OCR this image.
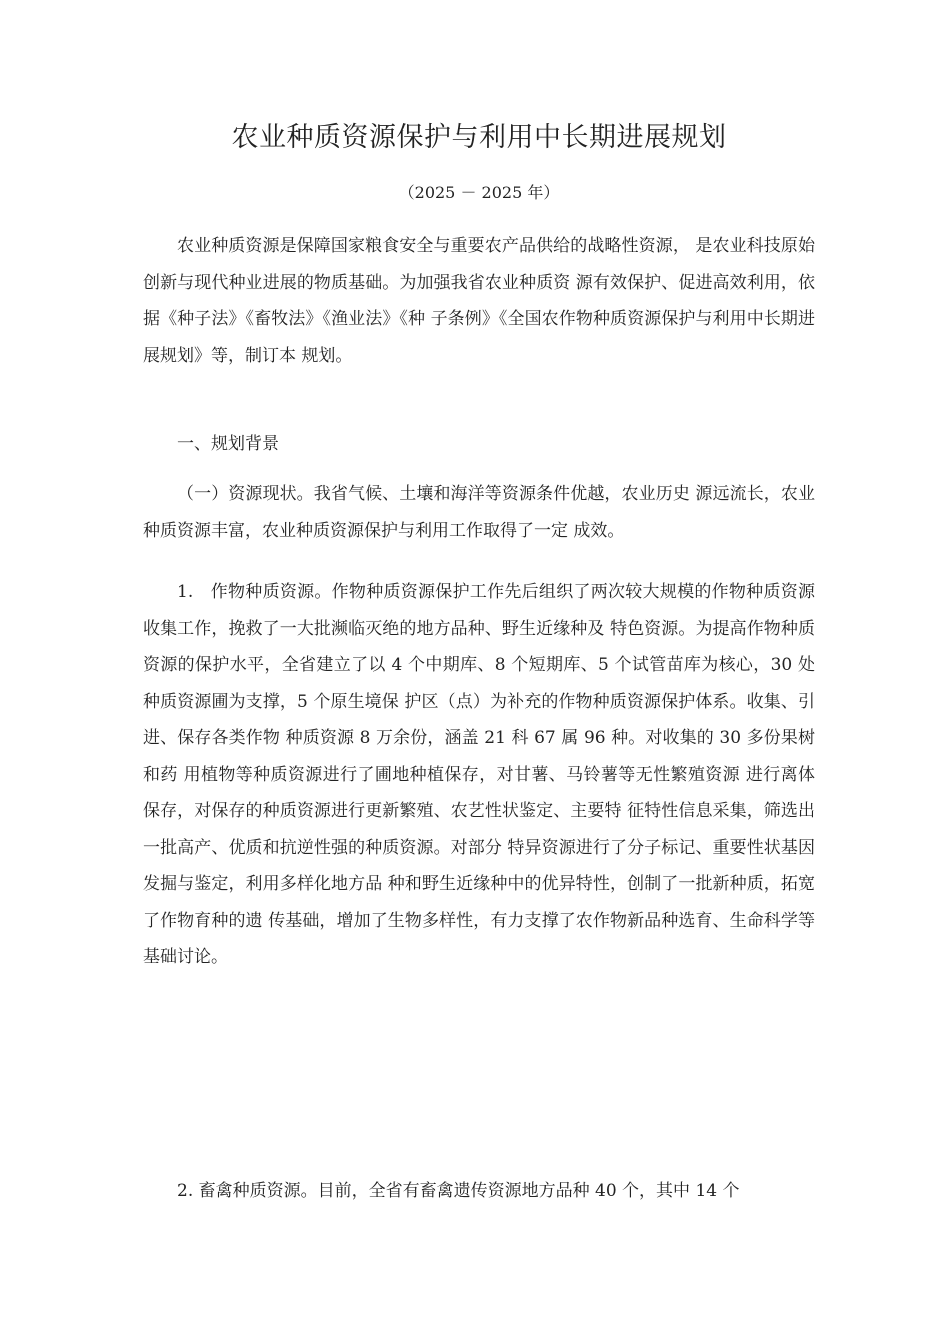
农业种质资源保护与利用中长期进展规划
（2025 － 2025 年）

农业种质资源是保障国家粮食安全与重要农产品供给的战略性资源， 是农业科技原始创新与现代种业进展的物质基础。为加强我省农业种质资 源有效保护、促进高效利用，依据《种子法》《畜牧法》《渔业法》《种 子条例》《全国农作物种质资源保护与利用中长期进展规划》等，制订本 规划。

一、规划背景

（一）资源现状。我省气候、土壤和海洋等资源条件优越，农业历史 源远流长，农业种质资源丰富，农业种质资源保护与利用工作取得了一定 成效。

1.　作物种质资源。作物种质资源保护工作先后组织了两次较大规模的作物种质资源收集工作，挽救了一大批濒临灭绝的地方品种、野生近缘种及 特色资源。为提高作物种质资源的保护水平，全省建立了以 4 个中期库、8 个短期库、5 个试管苗库为核心，30 处种质资源圃为支撑，5 个原生境保 护区（点）为补充的作物种质资源保护体系。收集、引进、保存各类作物 种质资源 8 万余份，涵盖 21 科 67 属 96 种。对收集的 30 多份果树和药 用植物等种质资源进行了圃地种植保存，对甘薯、马铃薯等无性繁殖资源 进行离体保存，对保存的种质资源进行更新繁殖、农艺性状鉴定、主要特 征特性信息采集，筛选出一批高产、优质和抗逆性强的种质资源。对部分 特异资源进行了分子标记、重要性状基因发掘与鉴定，利用多样化地方品 种和野生近缘种中的优异特性，创制了一批新种质，拓宽了作物育种的遗 传基础，增加了生物多样性，有力支撑了农作物新品种选育、生命科学等 基础讨论。

2. 畜禽种质资源。目前，全省有畜禽遗传资源地方品种 40 个，其中 14 个
